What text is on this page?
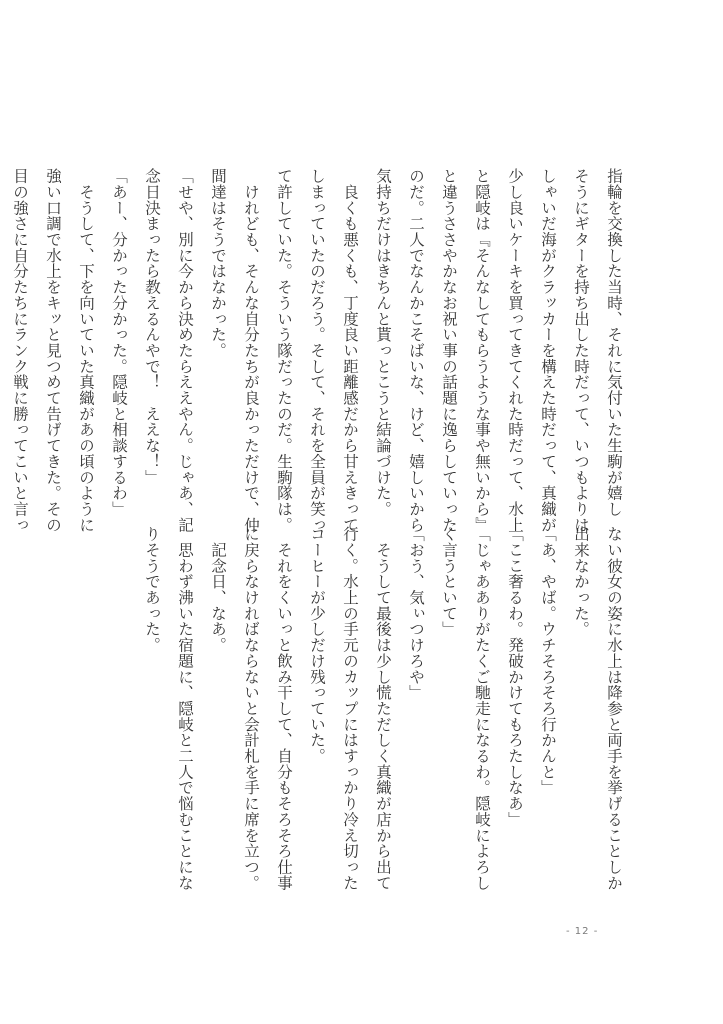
指輪を交換した当時、それに気付いた生駒が嬉し

そうにギターを持ち出した時だって、いつもよりは

しゃいだ海がクラッカーを構えた時だって、真織が

少し良いケーキを買ってきてくれた時だって、水上

と隠岐は『そんなしてもらうような事や無いから』

と違うささやかなお祝い事の話題に逸らしていった

のだ。二人でなんかこそばいな、けど、嬉しいから

気持ちだけはきちんと貰っとこうと結論づけた。

　良くも悪くも、丁度良い距離感だから甘えきって

しまっていたのだろう。そして、それを全員が笑っ

て許していた。そういう隊だったのだ。生駒隊は。

　けれども、そんな自分たちが良かっただけで、仲

間達はそうではなかった。

「せや、別に今から決めたらええやん。じゃあ、記

念日決まったら教えるんやで！　ええな！」

「あー、分かった分かった。隠岐と相談するわ」

　そうして、下を向いていた真織があの頃のように

強い口調で水上をキッと見つめて告げてきた。その

目の強さに自分たちにランク戦に勝ってこいと言っ

ない彼女の姿に水上は降参と両手を挙げることしか

出来なかった。

「あ、やば。ウチそろそろ行かんと」

「ここ奢るわ。発破かけてもろたしなあ」

「じゃあありがたくご馳走になるわ。隠岐によろし

く言うといて」

「おう、気ぃつけろや」

　そうして最後は少し慌ただしく真織が店から出て

行く。水上の手元のカップにはすっかり冷え切った

コーヒーが少しだけ残っていた。

　それをくいっと飲み干して、自分もそろそろ仕事

に戻らなければならないと会計札を手に席を立つ。

　記念日、なあ。

　思わず沸いた宿題に、隠岐と二人で悩むことにな

りそうであった。

- 12 -
